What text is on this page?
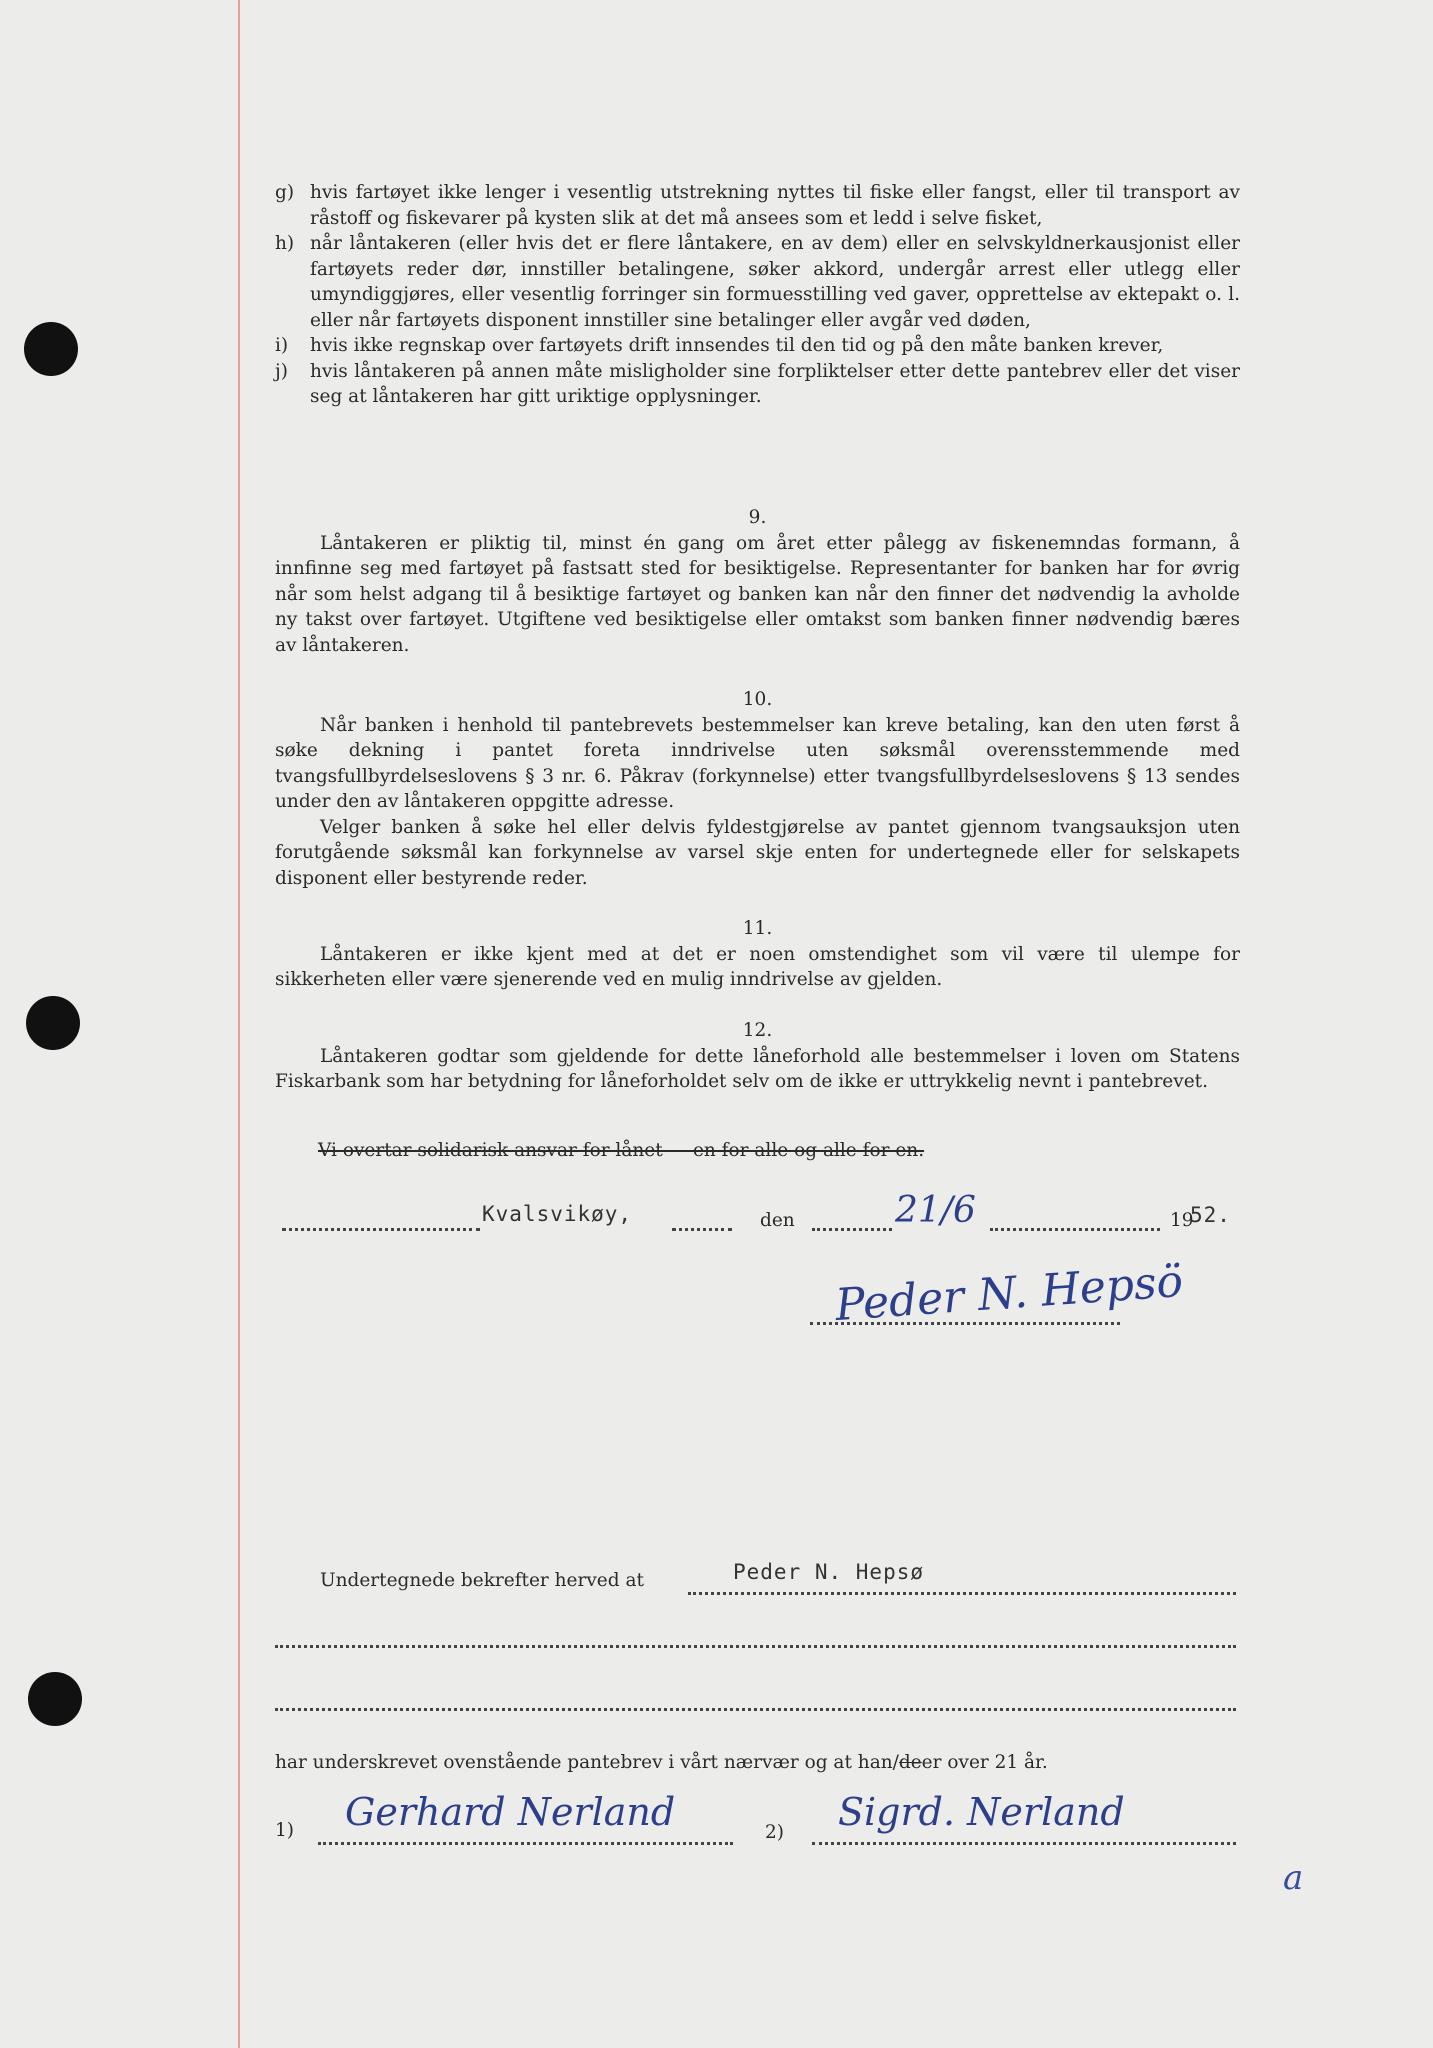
g) hvis fartøyet ikke lenger i vesentlig utstrekning nyttes til fiske eller fangst, eller til transport av råstoff og fiskevarer på kysten slik at det må ansees som et ledd i selve fisket,
h) når låntakeren (eller hvis det er flere låntakere, en av dem) eller en selvskyldnerkausjonist eller fartøyets reder dør, innstiller betalingene, søker akkord, undergår arrest eller utlegg eller umyndiggjøres, eller vesentlig forringer sin formuesstilling ved gaver, opprettelse av ektepakt o. l. eller når fartøyets disponent innstiller sine betalinger eller avgår ved døden,
i)	hvis ikke regnskap over fartøyets drift innsendes til den tid og på den måte banken krever,
j)	hvis låntakeren på annen måte misligholder sine forpliktelser etter dette pantebrev eller det viser seg at låntakeren har gitt uriktige opplysninger.

9.

Låntakeren er pliktig til, minst én gang om året etter pålegg av fiskenemndas formann, å innfinne seg med fartøyet på fastsatt sted for besiktigelse. Representanter for banken har for øvrig når som helst adgang til å besiktige fartøyet og banken kan når den finner det nødvendig la avholde ny takst over fartøyet. Utgiftene ved besiktigelse eller omtakst som banken finner nødvendig bæres av låntakeren.

10.

Når banken i henhold til pantebrevets bestemmelser kan kreve betaling, kan den uten først å søke dekning i pantet foreta inndrivelse uten søksmål overensstemmende med tvangsfullbyrdelseslovens § 3 nr. 6. Påkrav (forkynnelse) etter tvangsfullbyrdelseslovens § 13 sendes under den av låntakeren oppgitte adresse.

Velger banken å søke hel eller delvis fyldestgjørelse av pantet gjennom tvangsauksjon uten forutgående søksmål kan forkynnelse av varsel skje enten for undertegnede eller for selskapets disponent eller bestyrende reder.

11.

Låntakeren er ikke kjent med at det er noen omstendighet som vil være til ulempe for sikkerheten eller være sjenerende ved en mulig inndrivelse av gjelden.

12.

Låntakeren godtar som gjeldende for dette låneforhold alle bestemmelser i loven om Statens Fiskarbank som har betydning for låneforholdet selv om de ikke er uttrykkelig nevnt i pantebrevet.

Vi overtar solidarisk ansvar for lånet — en for alle og alle for en.
Kvalsvikøy,	den	21/6	19
52.
Peder N. Hepsö
Undertegnede bekrefter herved at	Peder N. Hepsø
har underskrevet ovenstående pantebrev i vårt nærvær og at han/deer over 21 år.
1) Gerhard Nerland	2) Sigrd. Nerland
a
